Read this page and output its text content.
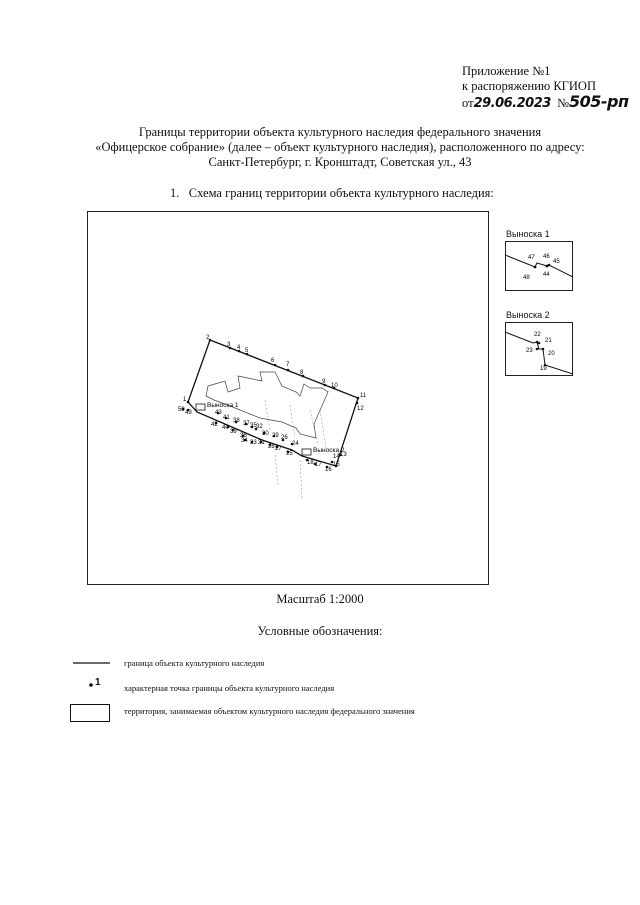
Приложение №1
к распоряжению КГИОП
от29.06.2023 №505-рп
Границы территории объекта культурного наследия федерального значения
«Офицерское собрание» (далее – объект культурного наследия), расположенного по адресу:
Санкт-Петербург, г. Кронштадт, Советская ул., 43
1. Схема границ территории объекта культурного наследия:
Выноска 1
Выноска 2
1
2
3 4 5
6
7
8
9
10
11
12
13
14
15
16
17
18
24
25
26
27
28
29
30
31
32
33
34
35
36
37
38
39
40
41
42
43
49
50
Выноска 1
47 46
45
48 44
Выноска 2
22
21
23	20
19
Масштаб 1:2000
Условные обозначения:
граница объекта культурного наследия
1	характерная точка границы объекта культурного наследия
территория, занимаемая объектом культурного наследия федерального значения
